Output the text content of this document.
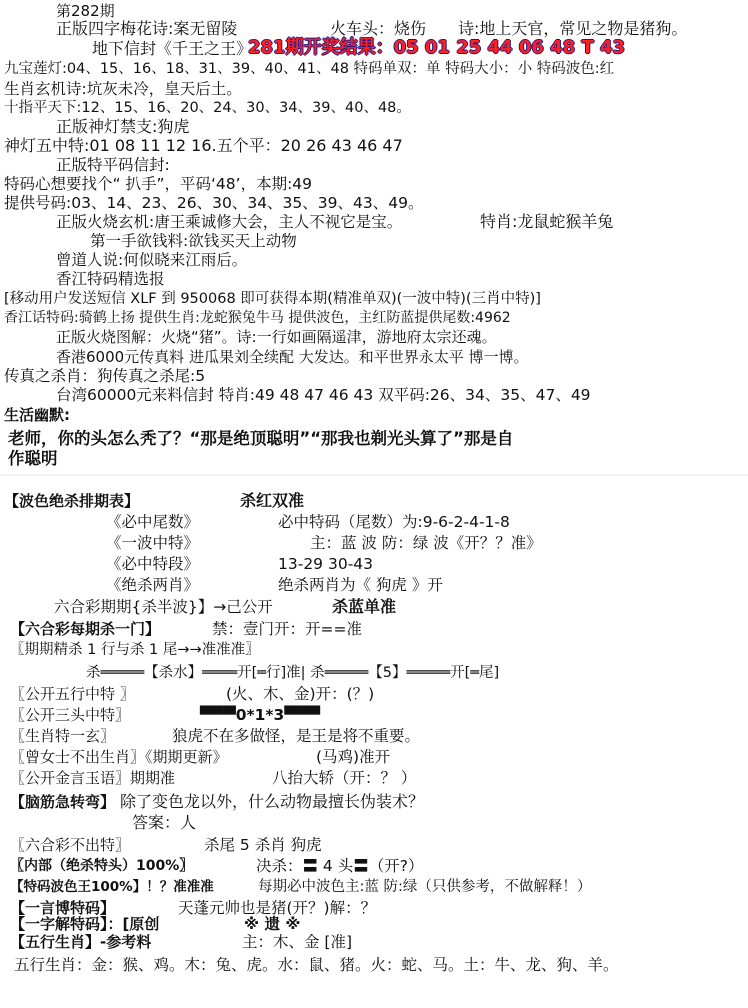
第282期
正版四字梅花诗:案无留陵	火车头：烧伤 诗:地上天官，常见之物是猪狗。
地下信封《千王之王》
281期开奖结果：05 01 25 44 06 48 T 43
九宝莲灯:04、15、16、18、31、39、40、41、48 特码单双：单 特码大小：小 特码波色:红
生肖玄机诗:坑灰未冷，皇天后土。
十指平天下:12、15、16、20、24、30、34、39、40、48。
正版神灯禁支:狗虎
神灯五中特:01 08 11 12 16.五个平：20 26 43 46 47
正版特平码信封:
特码心想要找个“ 扒手”，平码‘48’，本期:49
提供号码:03、14、23、26、30、34、35、39、43、49。
正版火烧玄机:唐王乘诚修大会，主人不视它是宝。	特肖:龙鼠蛇猴羊兔
第一手欲钱料:欲钱买天上动物
曾道人说:何似晓来江雨后。
香江特码精选报
[移动用户发送短信 XLF 到 950068 即可获得本期(精准单双)(一波中特)(三肖中特)]
香江话特码:骑鹤上扬 提供生肖:龙蛇猴兔牛马 提供波色，主红防蓝提供尾数:4962
正版火烧图解：火烧“猪”。诗:一行如画隔遥津，游地府太宗还魂。
香港6000元传真料 进瓜果刘全续配 大发达。和平世界永太平 博一博。
传真之杀肖：狗传真之杀尾:5
台湾60000元来料信封 特肖:49 48 47 46 43 双平码:26、34、35、47、49
生活幽默:
老师，你的头怎么秃了？“那是绝顶聪明”“那我也剃光头算了”那是自
作聪明
【波色绝杀排期表】	杀红双准
《必中尾数》	必中特码（尾数）为:9-6-2-4-1-8
《一波中特》	主：蓝 波 防：绿 波《开？？准》
《必中特段》	13-29 30-43
《绝杀两肖》	绝杀两肖为《 狗虎 》开
六合彩期期{杀半波}】→己公开	杀蓝单准
【六合彩每期杀一门】	禁：壹门开：开==准
〖期期精杀 1 行与杀 1 尾→→准准准〗
杀═════【杀水】════开[═行]准| 杀═════【5】═════开[═尾]
〖公开五行中特 〗	(火、木、金)开：(？)
〖公开三头中特〗	▀▀▀0*1*3▀▀▀
〖生肖特一玄〗	狼虎不在多做怪，是王是将不重要。
〖曾女士不出生肖〗《期期更新》	(马鸡)准开
〖公开金言玉语〗期期准	八抬大轿（开：？ ）
【脑筋急转弯】 除了变色龙以外，什么动物最擅长伪装术？
答案：人
〖六合彩不出特〗	杀尾 5 杀肖 狗虎
〖内部（绝杀特头）100%〗	决杀：〓 4 头〓（开?）
【特码波色王100%】！？准准准	每期必中波色主:蓝 防:绿（只供参考，不做解释！）
【一言博特码】	天蓬元帅也是猪(开？)解：？
【一字解特码】：[原创	※ 遗 ※
【五行生肖】-参考料	主：木、金 [准]
五行生肖：金：猴、鸡。木：兔、虎。水：鼠、猪。火：蛇、马。土：牛、龙、狗、羊。
